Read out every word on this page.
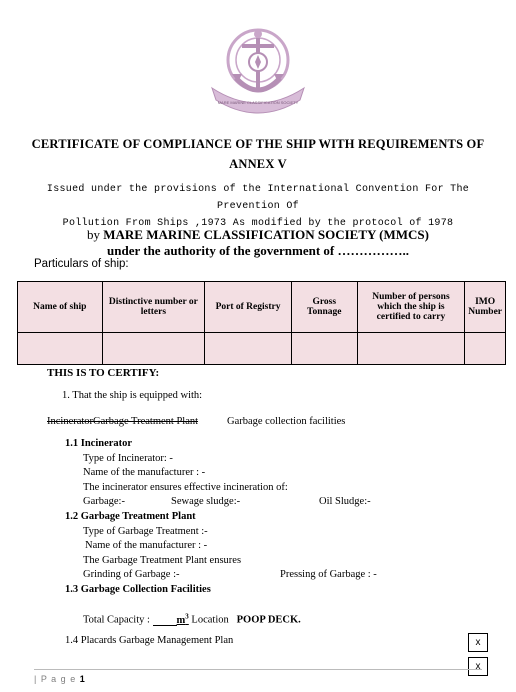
MARE MARINE CLASSIFICATION SOCIETY
CERTIFICATE OF COMPLIANCE OF THE SHIP WITH REQUIREMENTS OF
ANNEX V
Issued under the provisions of the International Convention For The Prevention Of
Pollution From Ships ,1973 As modified by the protocol of 1978
by MARE MARINE CLASSIFICATION SOCIETY (MMCS)
under the authority of the government of ……………..
Particulars of ship:
Name of ship	Distinctive number or letters	Port of Registry	Gross Tonnage	Number of persons which the ship is certified to carry	IMO Number

THIS IS TO CERTIFY:
1. That the ship is equipped with:
IncineratorGarbage Treatment Plant	Garbage collection facilities
1.1 Incinerator
Type of Incinerator: -
Name of the manufacturer : -
The incinerator ensures effective incineration of:
Garbage:-	Sewage sludge:-	Oil Sludge:-
1.2 Garbage Treatment Plant
Type of Garbage Treatment :-
Name of the manufacturer : -
The Garbage Treatment Plant ensures
Grinding of Garbage :-	Pressing of Garbage : -
1.3 Garbage Collection Facilities
Total Capacity :	$m^3$ Location POOP DECK.
1.4 Placards Garbage Management Plan	x
x
| P a g e 1
